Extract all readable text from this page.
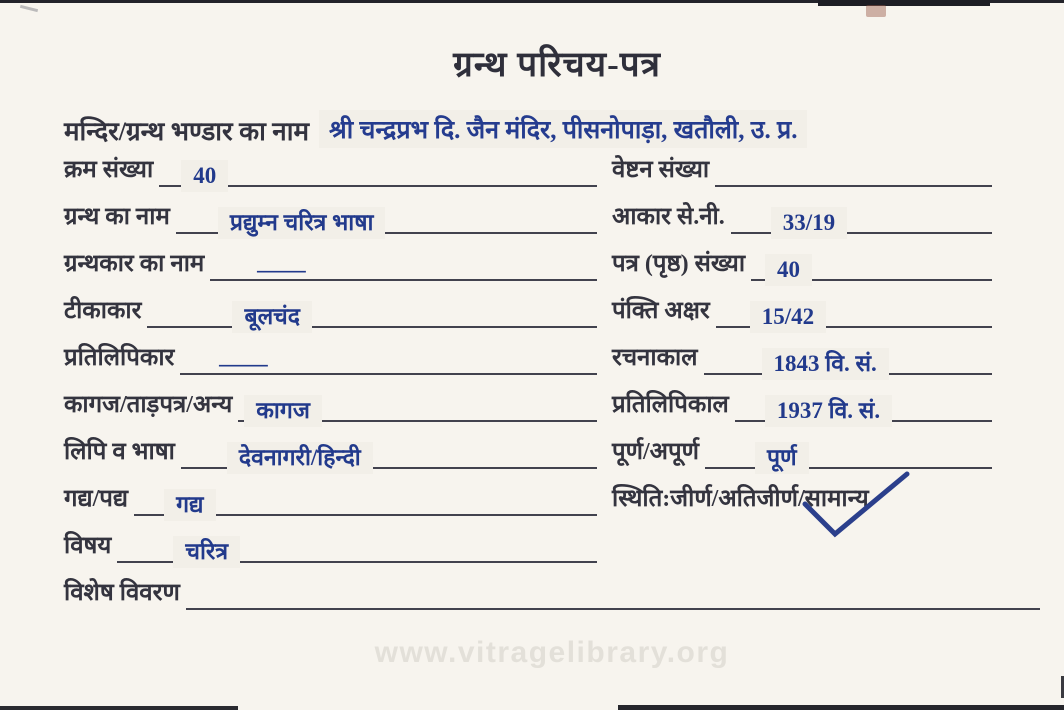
ग्रन्थ परिचय-पत्र
मन्दिर/ग्रन्थ भण्डार का नाम श्री चन्द्रप्रभ दि. जैन मंदिर, पीसनोपाड़ा, खतौली, उ. प्र.
क्रम संख्या	40
ग्रन्थ का नाम	प्रद्युम्न चरित्र भाषा
ग्रन्थकार का नाम	—
टीकाकार	बूलचंद
प्रतिलिपिकार	—
कागज/ताड़पत्र/अन्य	कागज
लिपि व भाषा	देवनागरी/हिन्दी
गद्य/पद्य	गद्य
विषय	चरित्र
विशेष विवरण
वेष्टन संख्या
आकार से.नी.	33/19
पत्र (पृष्ठ) संख्या	40
पंक्ति अक्षर	15/42
रचनाकाल	1843 वि. सं.
प्रतिलिपिकाल	1937 वि. सं.
पूर्ण/अपूर्ण	पूर्ण
स्थिति:जीर्ण/अतिजीर्ण/सामान्य
www.vitragelibrary.org
